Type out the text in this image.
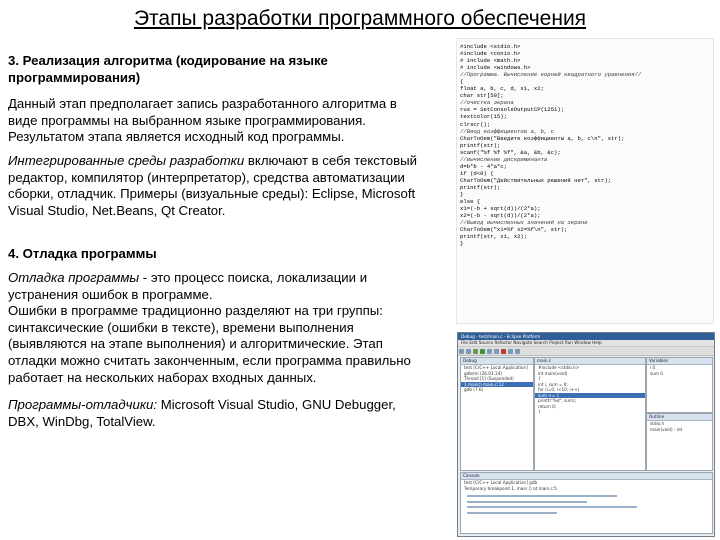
Этапы разработки программного обеспечения

3. Реализация алгоритма (кодирование на языке

программирования)

Данный этап предполагает запись разработанного алгоритма в

виде программы на выбранном языке программирования.

Результатом этапа является исходный код программы.

Интегрированные среды разработки включают в себя текстовый

редактор, компилятор (интерпретатор), средства автоматизации

сборки, отладчик. Примеры (визуальные среды): Eclipse, Microsoft

Visual Studio, Net.Beans, Qt Creator.

4. Отладка программы

Отладка программы - это процесс поиска, локализации и

устранения ошибок в программе.

Ошибки в программе традиционно разделяют на три группы:

синтаксические (ошибки в тексте), времени выполнения

(выявляются на этапе выполнения) и алгоритмические. Этап

отладки можно считать законченным, если программа правильно

работает на нескольких наборах входных данных.

Программы-отладчики: Microsoft Visual Studio, GNU Debugger,

DBX, WinDbg, TotalView.

#include <stdio.h>
#include <conio.h>
# include <math.h>
# include <windows.h>
//Программа. Вычисление корней квадратного уравнения//
{
float a, b, c, d, x1, x2;
char str[50];
//очистка экрана
rus = SetConsoleOutputCP(1251);
textcolor(15);
clrscr();
//Ввод коэффициентов a, b, c
CharToOem("Введите коэффициенты a, b, c\n", str);
printf(str);
scanf("%f %f %f", &a, &b, &c);
//вычисление дискриминанта
d=b*b - 4*a*c;
if (d<0) {
CharToOem("Действительных решений нет", str);
printf(str);
}
else {
x1=(-b + sqrt(d))/(2*a);
x2=(-b - sqrt(d))/(2*a);
//Вывод вычисленных значений на экране
CharToOem("x1=%f x2=%f\n", str);
printf(str, x1, x2);
}
Debug - test/main.c - Eclipse Platform
File Edit Source Refactor Navigate Search Project Run Window Help
Debug
test [C/C++ Local Application]
gdb/mi (26.03.14)
Thread [1] (Suspended)
1 main() main.c:12
gdb (7.6)
main.c
#include <stdio.h>
int main(void)
{
int i, sum = 0;
for (i=0; i<10; i++)
sum += i;
printf("%d", sum);
return 0;
}
Variables
i 0
sum 0
Outline
stdio.h
main(void) : int
Console
test [C/C++ Local Application] gdb
Temporary breakpoint 1, main () at main.c:5
